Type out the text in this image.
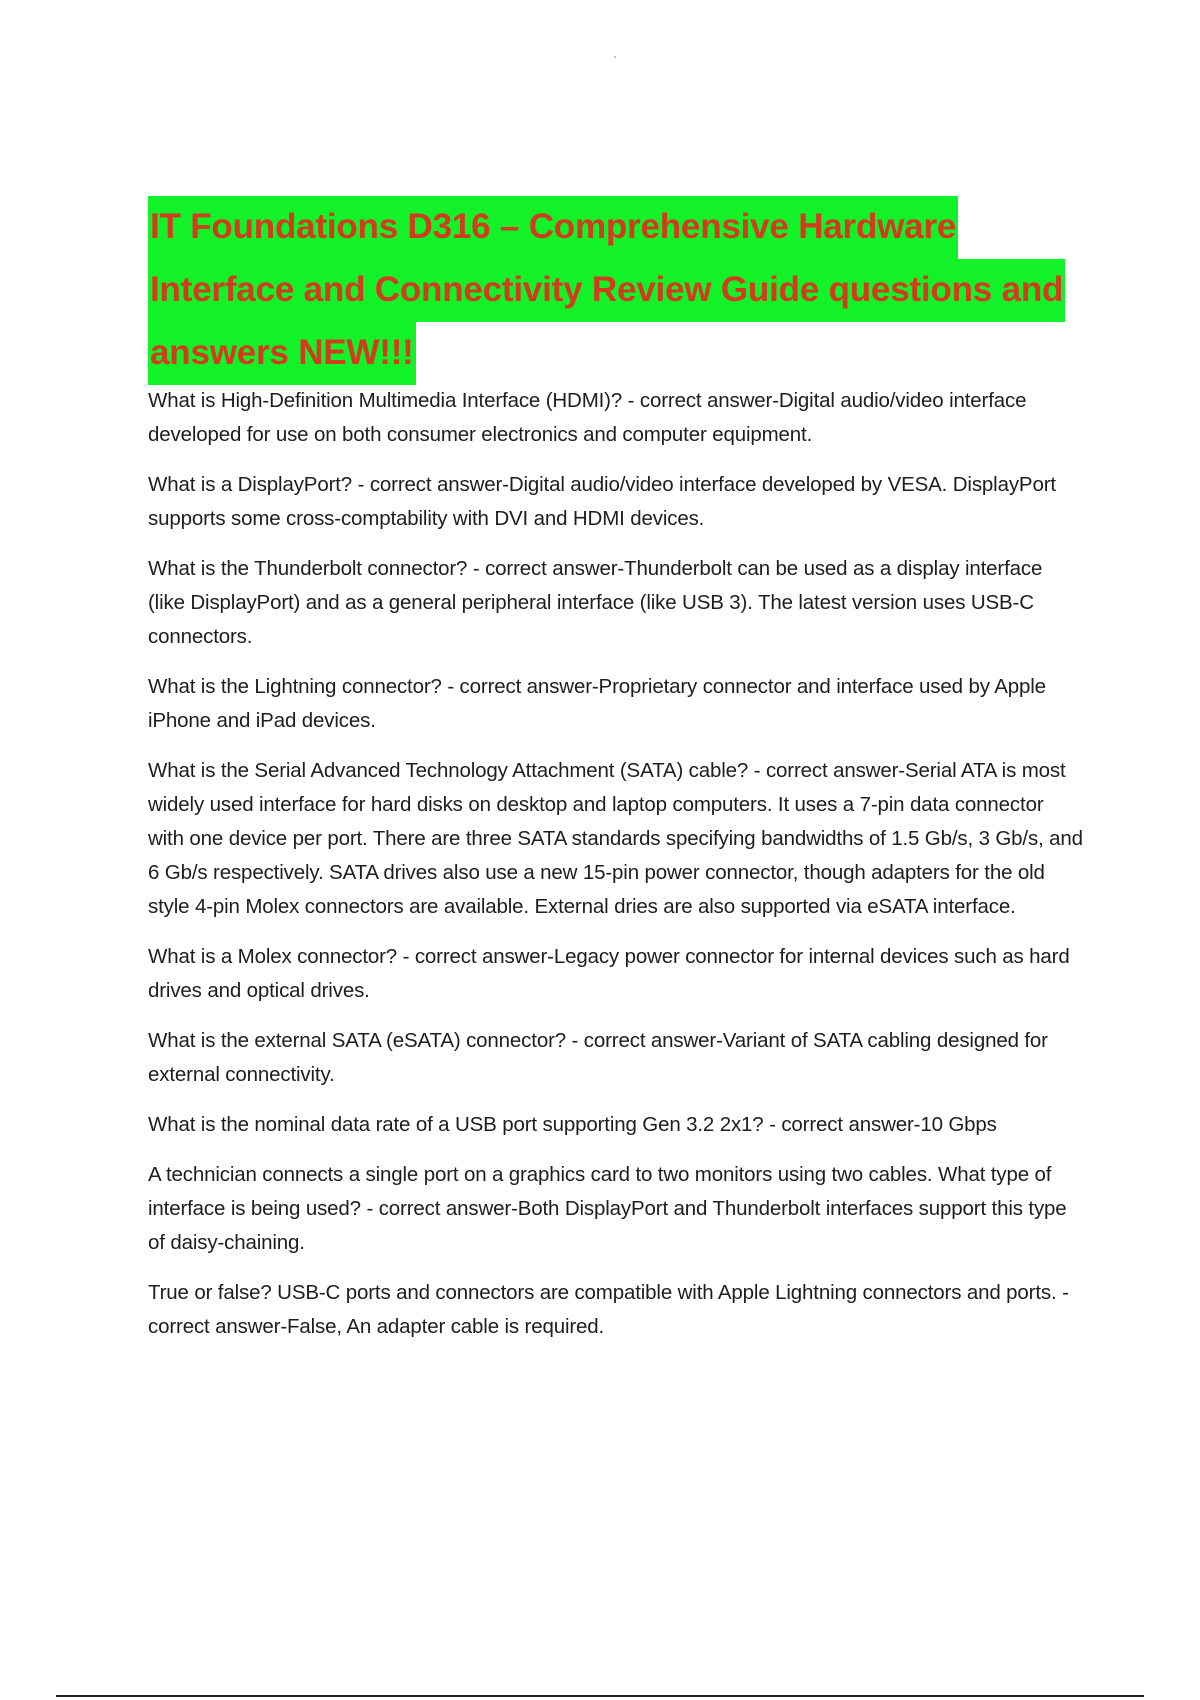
IT Foundations D316 – Comprehensive Hardware
Interface and Connectivity Review Guide questions and
answers NEW!!!

What is High-Definition Multimedia Interface (HDMI)? - correct answer-Digital audio/video interface developed for use on both consumer electronics and computer equipment.

What is a DisplayPort? - correct answer-Digital audio/video interface developed by VESA. DisplayPort supports some cross-comptability with DVI and HDMI devices.

What is the Thunderbolt connector? - correct answer-Thunderbolt can be used as a display interface (like DisplayPort) and as a general peripheral interface (like USB 3). The latest version uses USB-C connectors.

What is the Lightning connector? - correct answer-Proprietary connector and interface used by Apple iPhone and iPad devices.

What is the Serial Advanced Technology Attachment (SATA) cable? - correct answer-Serial ATA is most widely used interface for hard disks on desktop and laptop computers. It uses a 7-pin data connector with one device per port. There are three SATA standards specifying bandwidths of 1.5 Gb/s, 3 Gb/s, and 6 Gb/s respectively. SATA drives also use a new 15-pin power connector, though adapters for the old style 4-pin Molex connectors are available. External dries are also supported via eSATA interface.

What is a Molex connector? - correct answer-Legacy power connector for internal devices such as hard drives and optical drives.

What is the external SATA (eSATA) connector? - correct answer-Variant of SATA cabling designed for external connectivity.

What is the nominal data rate of a USB port supporting Gen 3.2 2x1? - correct answer-10 Gbps

A technician connects a single port on a graphics card to two monitors using two cables. What type of interface is being used? - correct answer-Both DisplayPort and Thunderbolt interfaces support this type of daisy-chaining.

True or false? USB-C ports and connectors are compatible with Apple Lightning connectors and ports. - correct answer-False, An adapter cable is required.
